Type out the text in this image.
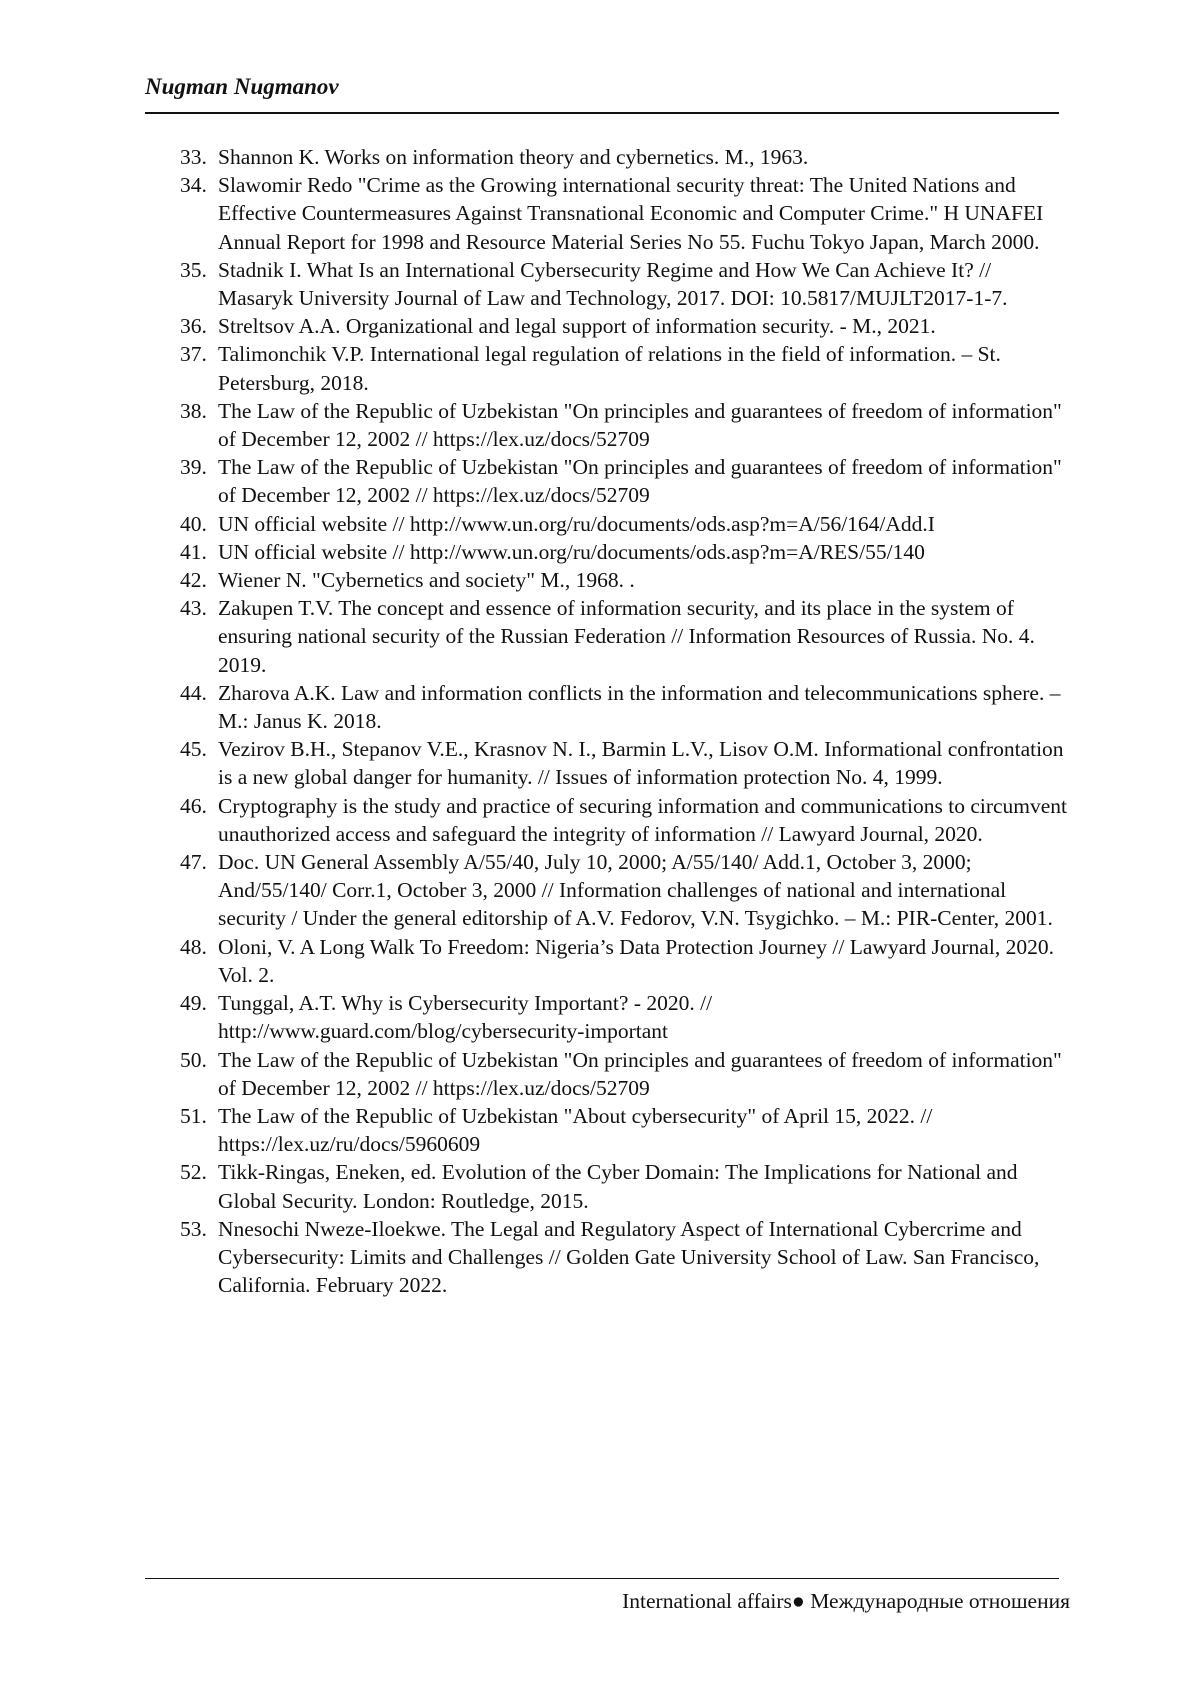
Nugman Nugmanov

33. Shannon K. Works on information theory and cybernetics. M., 1963.
34. Slawomir Redo "Crime as the Growing international security threat: The United Nations and Effective Countermeasures Against Transnational Economic and Computer Crime." H UNAFEI Annual Report for 1998 and Resource Material Series No 55. Fuchu Tokyo Japan, March 2000.
35. Stadnik I. What Is an International Cybersecurity Regime and How We Can Achieve It? // Masaryk University Journal of Law and Technology, 2017. DOI: 10.5817/MUJLT2017-1-7.
36. Streltsov A.A. Organizational and legal support of information security. - M., 2021.
37. Talimonchik V.P. International legal regulation of relations in the field of information. – St. Petersburg, 2018.
38. The Law of the Republic of Uzbekistan "On principles and guarantees of freedom of information" of December 12, 2002 // https://lex.uz/docs/52709
39. The Law of the Republic of Uzbekistan "On principles and guarantees of freedom of information" of December 12, 2002 // https://lex.uz/docs/52709
40. UN official website // http://www.un.org/ru/documents/ods.asp?m=A/56/164/Add.I
41. UN official website // http://www.un.org/ru/documents/ods.asp?m=A/RES/55/140
42. Wiener N. "Cybernetics and society" M., 1968. .
43. Zakupen T.V. The concept and essence of information security, and its place in the system of ensuring national security of the Russian Federation // Information Resources of Russia. No. 4. 2019.
44. Zharova A.K. Law and information conflicts in the information and telecommunications sphere. – M.: Janus K. 2018.
45. Vezirov B.H., Stepanov V.E., Krasnov N. I., Barmin L.V., Lisov O.M. Informational confrontation is a new global danger for humanity. // Issues of information protection No. 4, 1999.
46. Cryptography is the study and practice of securing information and communications to circumvent unauthorized access and safeguard the integrity of information // Lawyard Journal, 2020.
47. Doc. UN General Assembly A/55/40, July 10, 2000; A/55/140/ Add.1, October 3, 2000; And/55/140/ Corr.1, October 3, 2000 // Information challenges of national and international security / Under the general editorship of A.V. Fedorov, V.N. Tsygichko. – M.: PIR-Center, 2001.
48. Oloni, V. A Long Walk To Freedom: Nigeria’s Data Protection Journey // Lawyard Journal, 2020. Vol. 2.
49. Tunggal, A.T. Why is Cybersecurity Important? - 2020. // http://www.guard.com/blog/cybersecurity-important
50. The Law of the Republic of Uzbekistan "On principles and guarantees of freedom of information" of December 12, 2002 // https://lex.uz/docs/52709
51. The Law of the Republic of Uzbekistan "About cybersecurity" of April 15, 2022. // https://lex.uz/ru/docs/5960609
52. Tikk-Ringas, Eneken, ed. Evolution of the Cyber Domain: The Implications for National and Global Security. London: Routledge, 2015.
53. Nnesochi Nweze-Iloekwe. The Legal and Regulatory Aspect of International Cybercrime and Cybersecurity: Limits and Challenges // Golden Gate University School of Law. San Francisco, California. February 2022.
International affairs● Международные отношения
